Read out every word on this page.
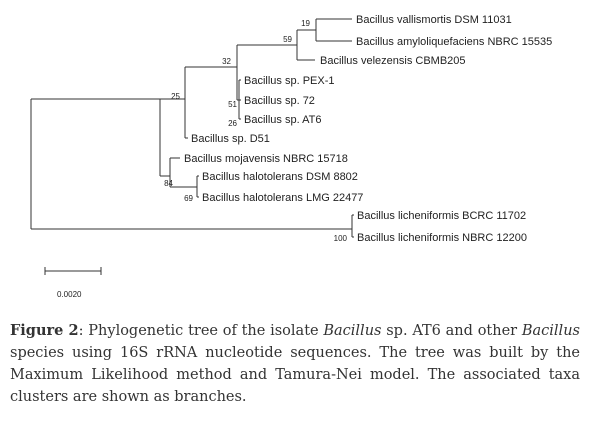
Bacillus vallismortis DSM 11031
Bacillus amyloliquefaciens NBRC 15535
Bacillus velezensis CBMB205
Bacillus sp. PEX-1
Bacillus sp. 72
Bacillus sp. AT6
Bacillus sp. D51
Bacillus mojavensis NBRC 15718
Bacillus halotolerans DSM 8802
Bacillus halotolerans LMG 22477
Bacillus licheniformis BCRC 11702
Bacillus licheniformis NBRC 12200
19
59
32
25
51
26
84
69
100
0.0020

Figure 2: Phylogenetic tree of the isolate Bacillus sp. AT6 and other Bacillus species using 16S rRNA nucleotide sequences. The tree was built by the Maximum Likelihood method and Tamura-Nei model. The associated taxa clusters are shown as branches.
